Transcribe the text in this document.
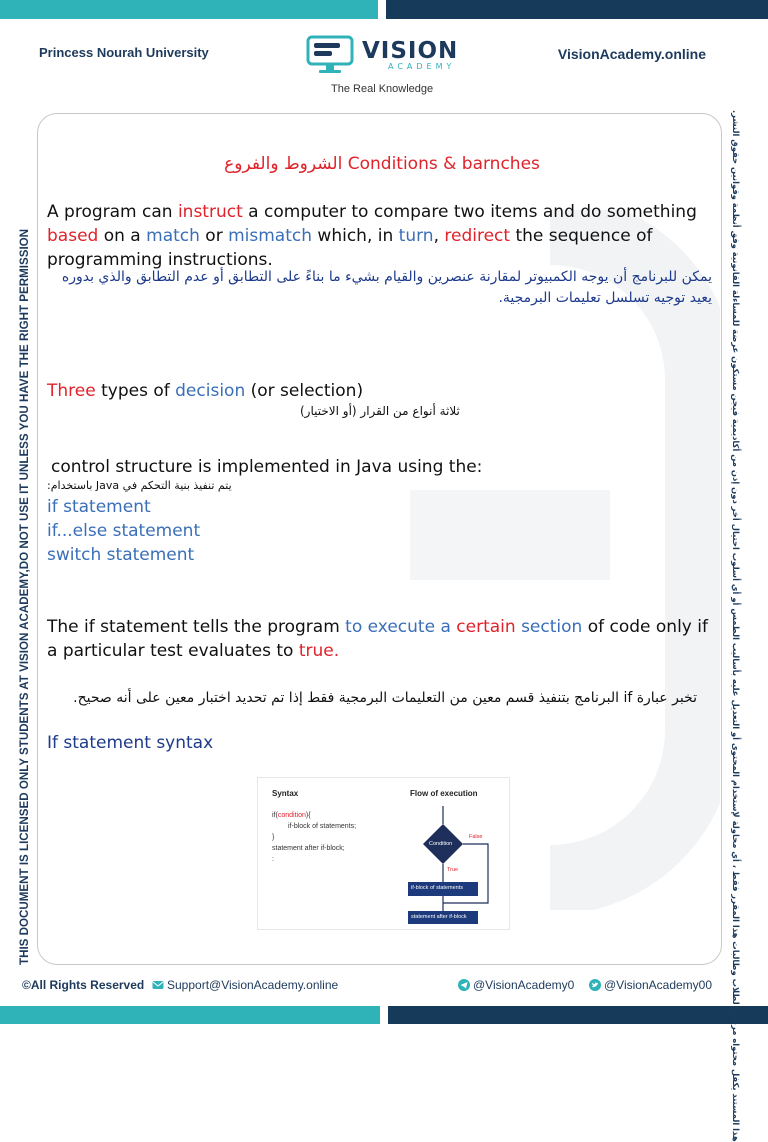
Princess Nourah University	VISION
ACADEMY
The Real Knowledge
VisionAcademy.online
THIS DOCUMENT IS LICENSED ONLY STUDENTS AT VISION ACADEMY,DO NOT USE IT UNLESS YOU HAVE THE RIGHT PERMISSION	هذا المستند يكفل محتواه مرخص لطلاب وطالبات هذا المقرر فقط ، أي محاولة لإستخدام المحتوى أو التعديل عليه بأساليب الطمس أو أي أسلوب احتيال أخر دون إذن من أكاديمية فيجن مستكون عرضة للمساءلة القانونية وفق أنظمة وقوانين حقوق النشر.
الشروط والفروع Conditions & barnches
A program can instruct a computer to compare two items and do something based on a match or mismatch which, in turn, redirect the sequence of programming instructions.
يمكن للبرنامج أن يوجه الكمبيوتر لمقارنة عنصرين والقيام بشيء ما بناءً على التطابق أو عدم التطابق والذي بدوره يعيد توجيه تسلسل تعليمات البرمجية.
Three types of decision (or selection)
ثلاثة أنواع من القرار (أو الاختيار)
control structure is implemented in Java using the:
يتم تنفيذ بنية التحكم في Java باستخدام:
if statement
if...else statement
switch statement
The if statement tells the program to execute a certain section of code only if a particular test evaluates to true.
تخبر عبارة if البرنامج بتنفيذ قسم معين من التعليمات البرمجية فقط إذا تم تحديد اختبار معين على أنه صحيح.
If statement syntax
Syntax
if(condition){
if-block of statements;
}
statement after if-block;
:
Flow of execution
Condition
True
False
if-block of statements
statement after if-block
©All Rights Reserved	Support@VisionAcademy.online	@VisionAcademy0	@VisionAcademy00
